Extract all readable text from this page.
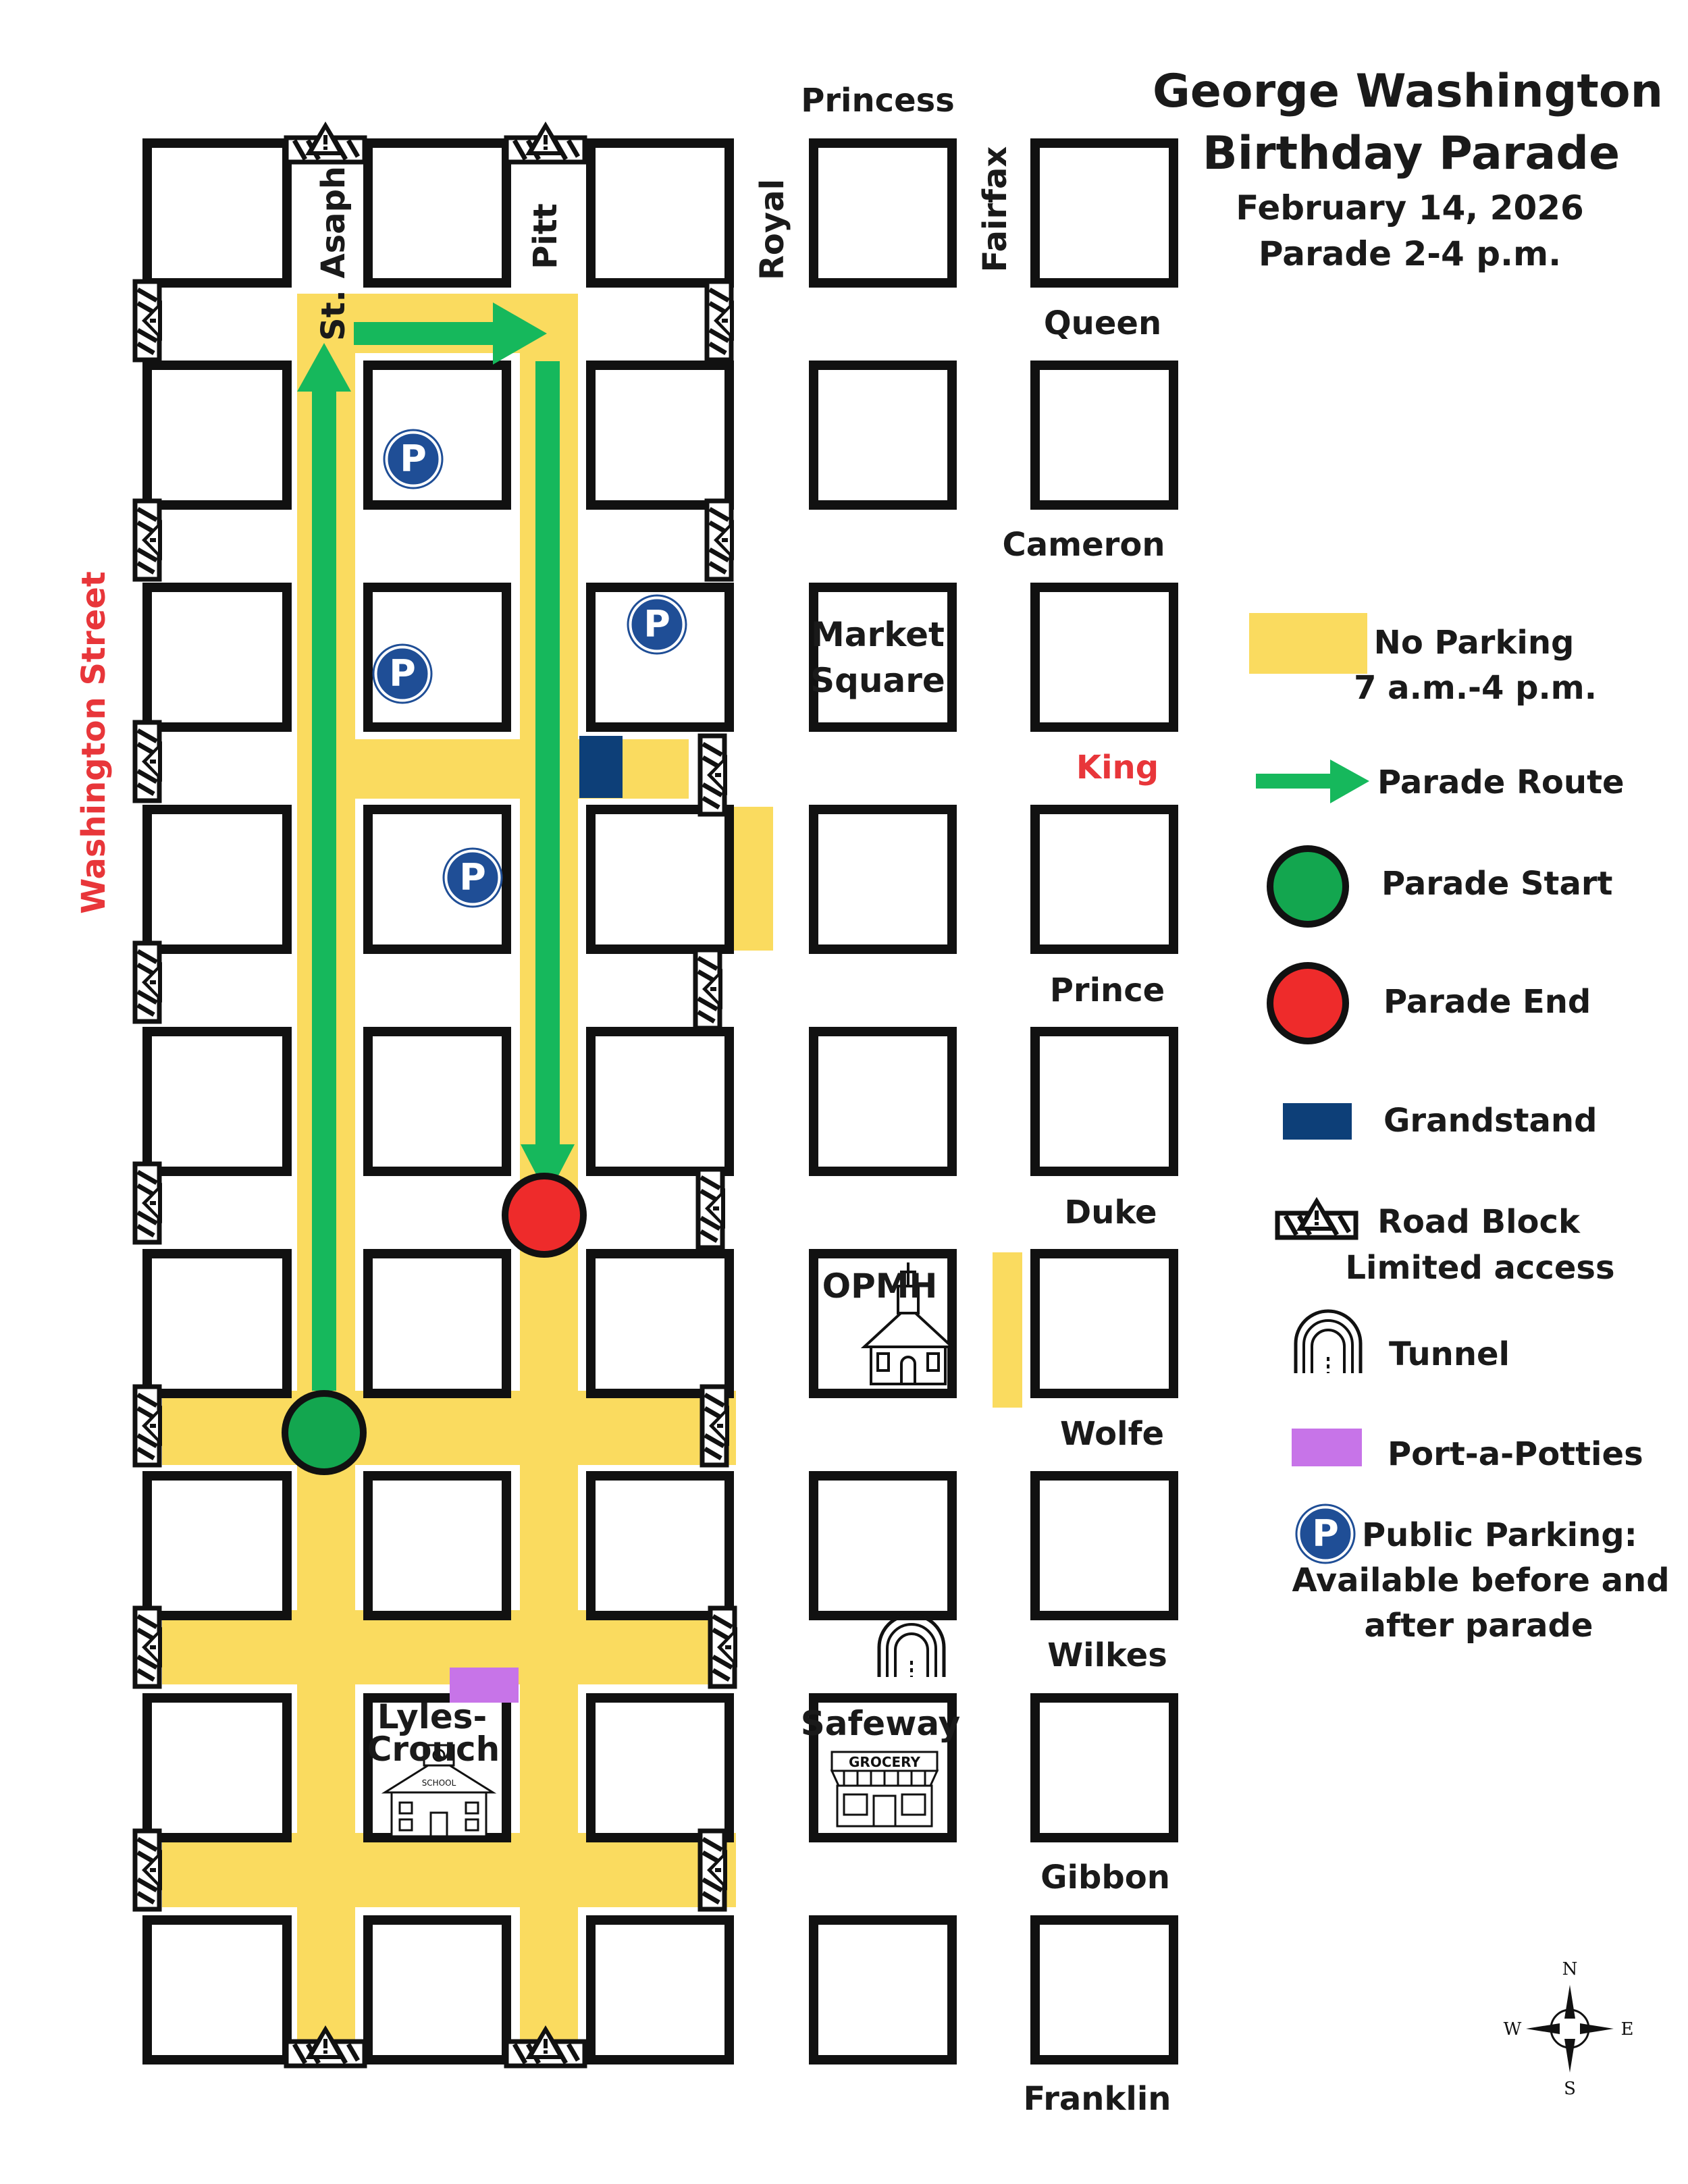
P
P
P
P
SCHOOL
GROCERY
Market
Square
OPMH
Lyles-
Crouch
Safeway
Princess
Queen
Cameron
King
Prince
Duke
Wolfe
Wilkes
Gibbon
Franklin
Washington Street
St. Asaph	Pitt	Royal	Fairfax
George Washington
Birthday Parade
February 14, 2026
Parade 2-4 p.m.
No Parking
7 a.m.-4 p.m.
Parade Route
Parade Start
Parade End
Grandstand
Road Block
Limited access
Tunnel
Port-a-Potties
P Public Parking:
Available before and
after parade
N
S
E
W
